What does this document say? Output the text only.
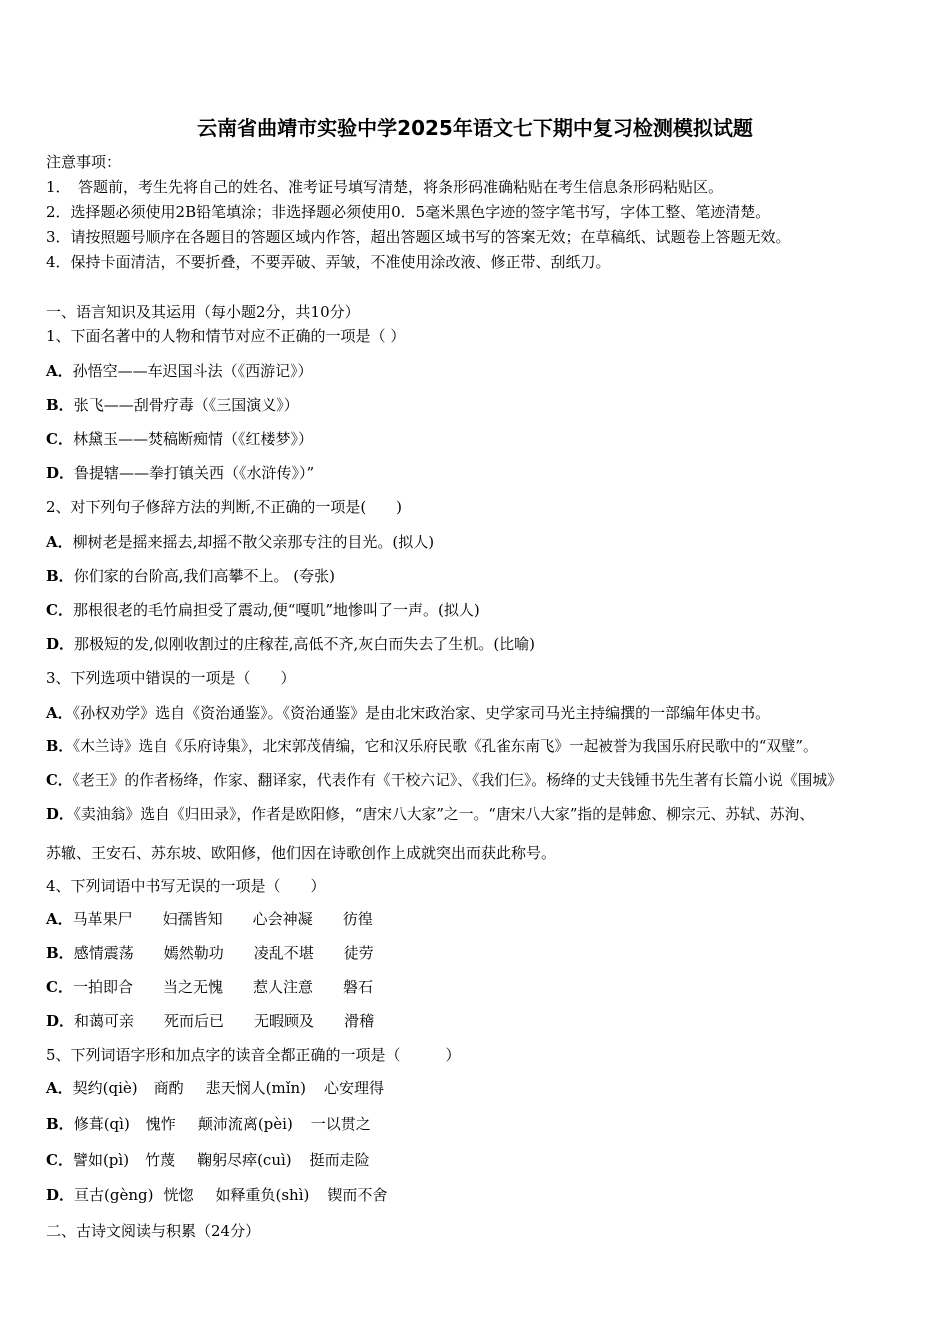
云南省曲靖市实验中学2025年语文七下期中复习检测模拟试题
注意事项：
1．　答题前，考生先将自己的姓名、准考证号填写清楚，将条形码准确粘贴在考生信息条形码粘贴区。
2．选择题必须使用2B铅笔填涂；非选择题必须使用0．5毫米黑色字迹的签字笔书写，字体工整、笔迹清楚。
3．请按照题号顺序在各题目的答题区域内作答，超出答题区域书写的答案无效；在草稿纸、试题卷上答题无效。
4．保持卡面清洁，不要折叠，不要弄破、弄皱，不准使用涂改液、修正带、刮纸刀。
一、语言知识及其运用（每小题2分，共10分）
1、下面名著中的人物和情节对应不正确的一项是（ ）
A．孙悟空——车迟国斗法（《西游记》）
B．张飞——刮骨疗毒（《三国演义》）
C．林黛玉——焚稿断痴情（《红楼梦》）
D．鲁提辖——拳打镇关西（《水浒传》）”
2、对下列句子修辞方法的判断,不正确的一项是(　　)
A．柳树老是摇来摇去,却摇不散父亲那专注的目光。(拟人)
B．你们家的台阶高,我们高攀不上。 (夸张)
C．那根很老的毛竹扁担受了震动,便“嘎叽”地惨叫了一声。(拟人)
D．那极短的发,似刚收割过的庄稼茬,高低不齐,灰白而失去了生机。(比喻)
3、下列选项中错误的一项是（　　）
A．《孙权劝学》选自《资治通鉴》。《资治通鉴》是由北宋政治家、史学家司马光主持编撰的一部编年体史书。
B．《木兰诗》选自《乐府诗集》，北宋郭茂倩编，它和汉乐府民歌《孔雀东南飞》一起被誉为我国乐府民歌中的“双璧”。
C．《老王》的作者杨绛，作家、翻译家，代表作有《干校六记》、《我们仨》。杨绛的丈夫钱锺书先生著有长篇小说《围城》
D．《卖油翁》选自《归田录》，作者是欧阳修，“唐宋八大家”之一。“唐宋八大家”指的是韩愈、柳宗元、苏轼、苏洵、
苏辙、王安石、苏东坡、欧阳修，他们因在诗歌创作上成就突出而获此称号。
4、下列词语中书写无误的一项是（　　）
A．马革果尸 妇孺皆知 心会神凝 彷徨
B．感情震荡 嫣然勒功 凌乱不堪 徒劳
C．一拍即合 当之无愧 惹人注意 磐石
D．和蔼可亲 死而后已 无暇顾及 滑稽
5、下列词语字形和加点字的读音全都正确的一项是（　　　）
A．契约(qiè) 商酌 悲天悯人(mǐn) 心安理得
B．修葺(qì) 愧怍 颠沛流离(pèi) 一以贯之
C．譬如(pì) 竹蔑 鞠躬尽瘁(cuì) 挺而走险
D．亘古(gèng) 恍惚 如释重负(shì) 锲而不舍
二、古诗文阅读与积累（24分）
